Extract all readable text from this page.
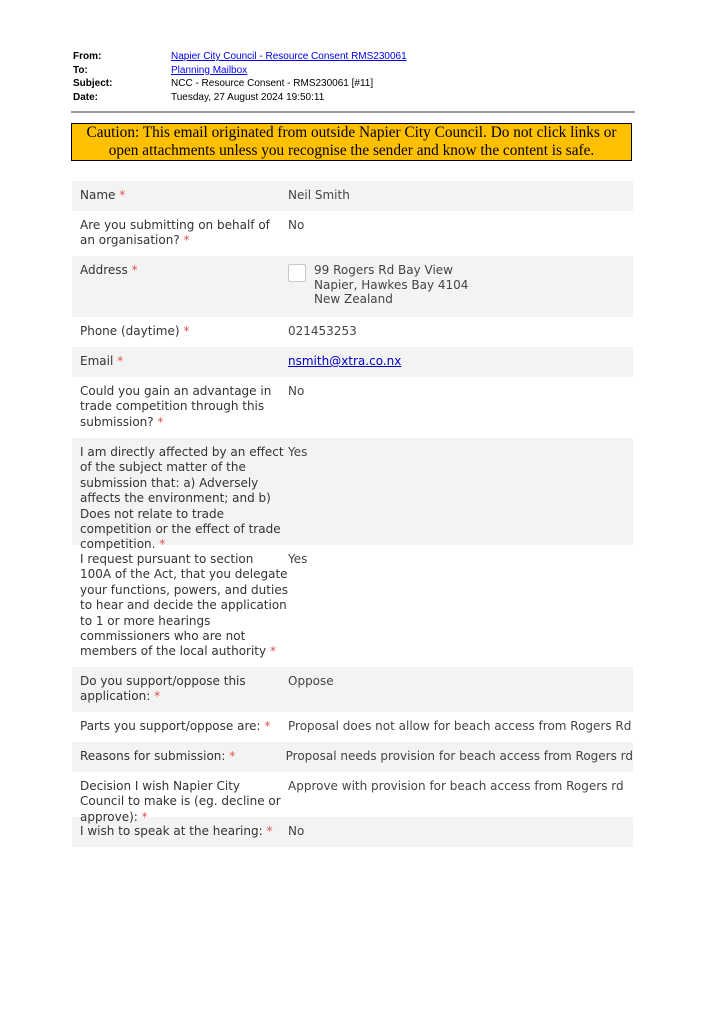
From:	Napier City Council - Resource Consent RMS230061
To:	Planning Mailbox
Subject:	NCC - Resource Consent - RMS230061 [#11]
Date:	Tuesday, 27 August 2024 19:50:11
Caution: This email originated from outside Napier City Council. Do not click links or open attachments unless you recognise the sender and know the content is safe.
Name *	Neil Smith
Are you submitting on behalf of an organisation? *
No
Address *	99 Rogers Rd Bay View
Napier, Hawkes Bay 4104
New Zealand
Phone (daytime) *	021453253
Email *	nsmith@xtra.co.nx
Could you gain an advantage in trade competition through this submission? *
No
I am directly affected by an effect of the subject matter of the submission that: a) Adversely affects the environment; and b) Does not relate to trade competition or the effect of trade competition. *
Yes
I request pursuant to section 100A of the Act, that you delegate your functions, powers, and duties to hear and decide the application to 1 or more hearings commissioners who are not members of the local authority *
Yes
Do you support/oppose this application: *
Oppose
Parts you support/oppose are: *	Proposal does not allow for beach access from Rogers Rd
Reasons for submission: *	Proposal needs provision for beach access from Rogers rd
Decision I wish Napier City Council to make is (eg. decline or approve): *
Approve with provision for beach access from Rogers rd
I wish to speak at the hearing: *	No
